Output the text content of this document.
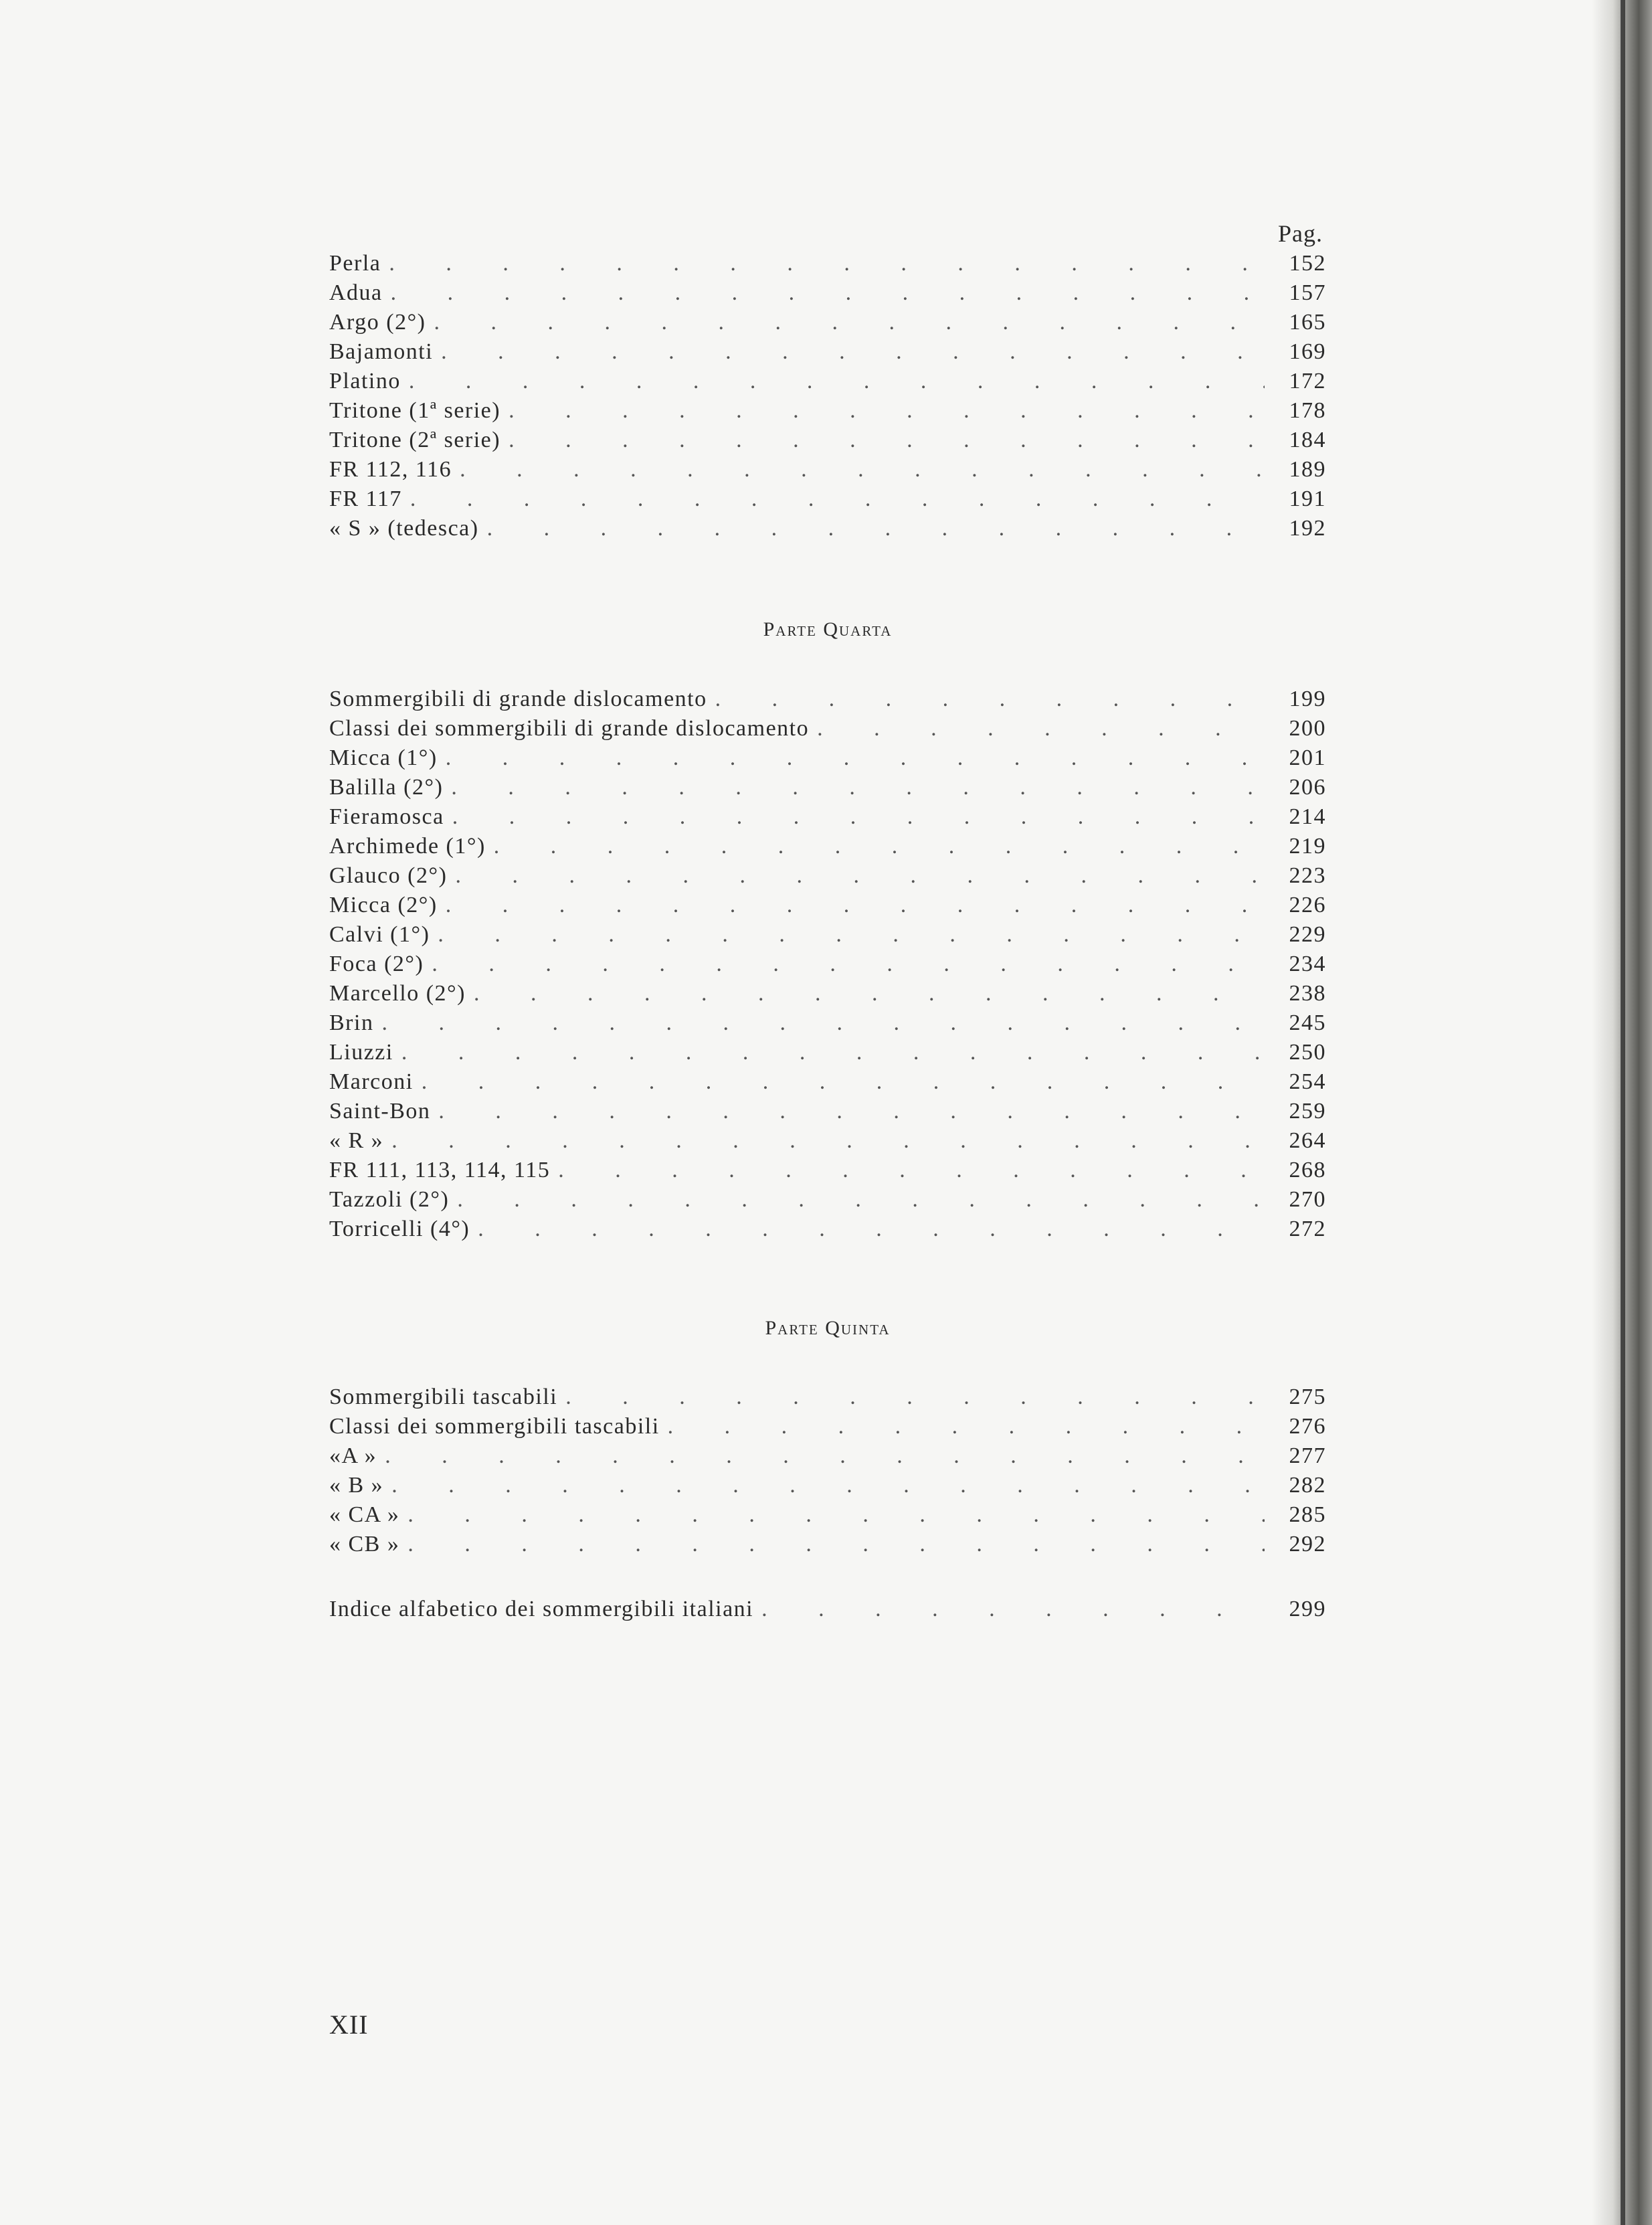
Pag.
Perla . . .	152
Adua . . .	157
Argo (2°) . . .	165
Bajamonti . . .	169
Platino . . .	172
Tritone (1ª serie) . . .	178
Tritone (2ª serie) . . .	184
FR 112, 116 . . .	189
FR 117 . . .	191
« S » (tedesca) . . .	192
Parte Quarta
Sommergibili di grande dislocamento . . .	199
Classi dei sommergibili di grande dislocamento . . .	200
Micca (1°) . . .	201
Balilla (2°) . . .	206
Fieramosca . . .	214
Archimede (1°) . . .	219
Glauco (2°) . . .	223
Micca (2°) . . .	226
Calvi (1°) . . .	229
Foca (2°) . . .	234
Marcello (2°) . . .	238
Brin . . .	245
Liuzzi . . .	250
Marconi . . .	254
Saint-Bon . . .	259
« R » . . .	264
FR 111, 113, 114, 115 . . .	268
Tazzoli (2°) . . .	270
Torricelli (4°) . . .	272
Parte Quinta
Sommergibili tascabili . . .	275
Classi dei sommergibili tascabili . . .	276
«A » . . .	277
« B » . . .	282
« CA » . . .	285
« CB » . . .	292
Indice alfabetico dei sommergibili italiani . . .	299
XII
